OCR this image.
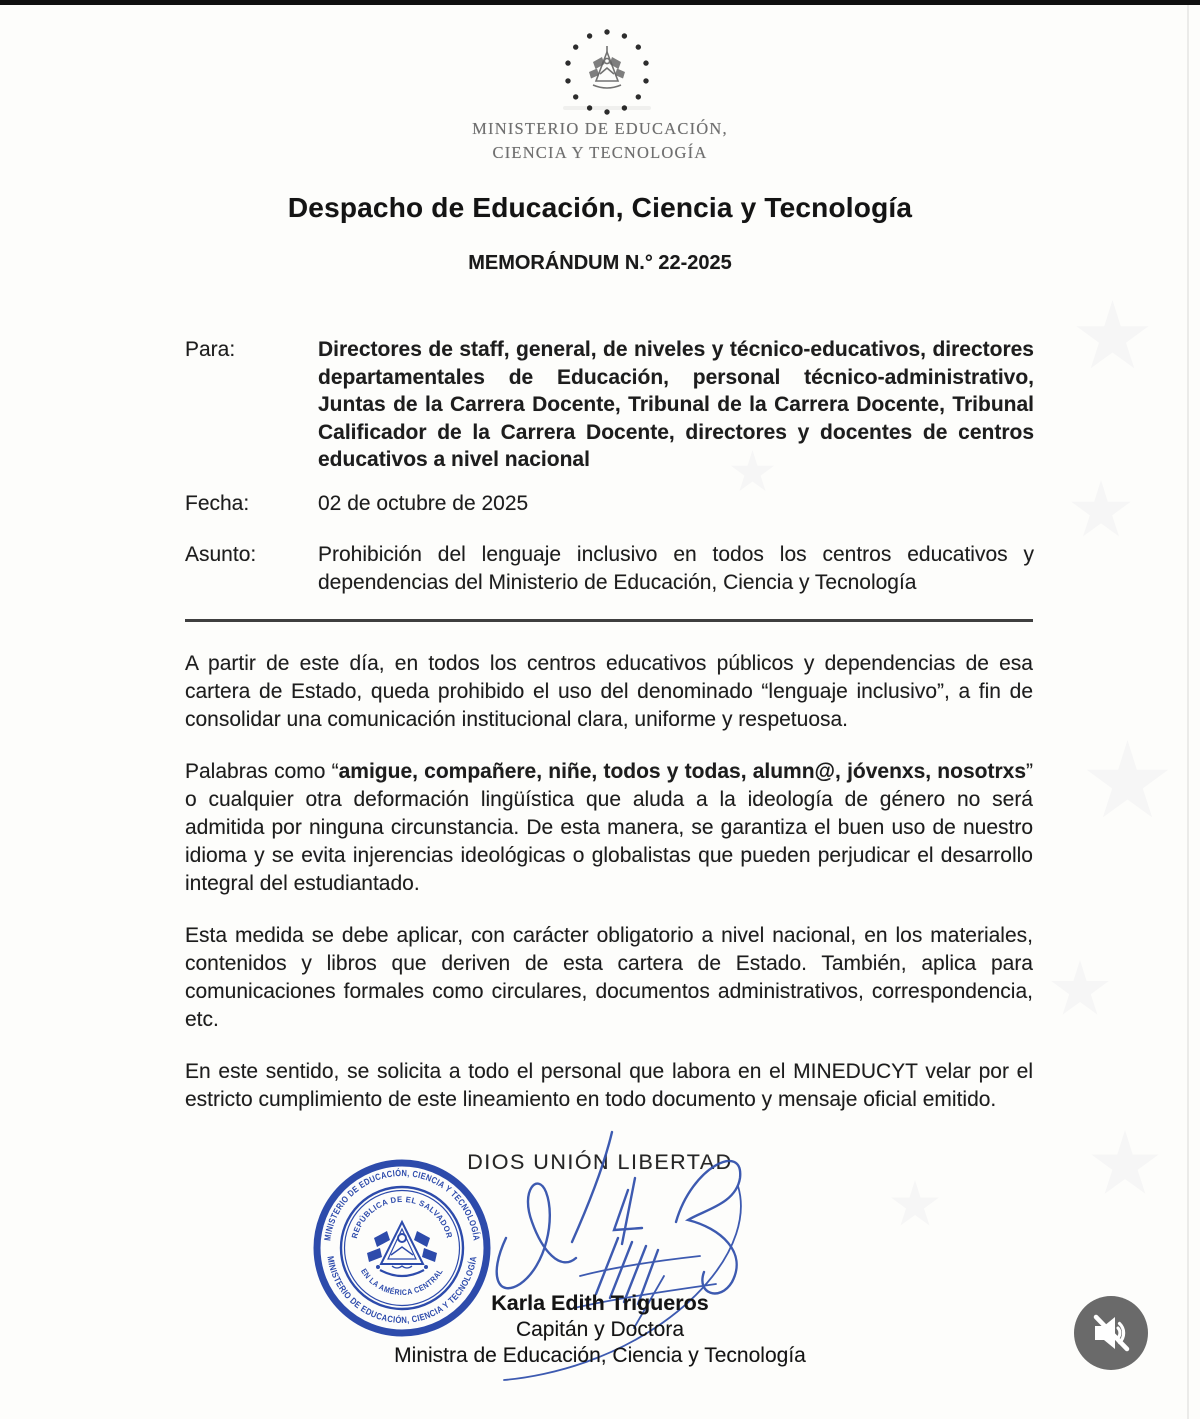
MINISTERIO DE EDUCACIÓN,
CIENCIA Y TECNOLOGÍA
Despacho de Educación, Ciencia y Tecnología
MEMORÁNDUM N.° 22-2025
Para:	Directores de staff, general, de niveles y técnico-educativos, directores departamentales de Educación, personal técnico-administrativo, Juntas de la Carrera Docente, Tribunal de la Carrera Docente, Tribunal Calificador de la Carrera Docente, directores y docentes de centros educativos a nivel nacional
Fecha:	02 de octubre de 2025
Asunto:	Prohibición del lenguaje inclusivo en todos los centros educativos y dependencias del Ministerio de Educación, Ciencia y Tecnología

A partir de este día, en todos los centros educativos públicos y dependencias de esa cartera de Estado, queda prohibido el uso del denominado “lenguaje inclusivo”, a fin de consolidar una comunicación institucional clara, uniforme y respetuosa.

Palabras como “amigue, compañere, niñe, todos y todas, alumn@, jóvenxs, nosotrxs” o cualquier otra deformación lingüística que aluda a la ideología de género no será admitida por ninguna circunstancia. De esta manera, se garantiza el buen uso de nuestro idioma y se evita injerencias ideológicas o globalistas que pueden perjudicar el desarrollo integral del estudiantado.

Esta medida se debe aplicar, con carácter obligatorio a nivel nacional, en los materiales, contenidos y libros que deriven de esta cartera de Estado. También, aplica para comunicaciones formales como circulares, documentos administrativos, correspondencia, etc.

En este sentido, se solicita a todo el personal que labora en el MINEDUCYT velar por el estricto cumplimiento de este lineamiento en todo documento y mensaje oficial emitido.

DIOS UNIÓN LIBERTAD
MINISTERIO DE EDUCACIÓN, CIENCIA Y TECNOLOGÍA
MINISTERIO DE EDUCACIÓN, CIENCIA Y TECNOLOGÍA
REPÚBLICA DE EL SALVADOR
EN LA AMÉRICA CENTRAL
Karla Edith Trigueros
Capitán y Doctora
Ministra de Educación, Ciencia y Tecnología
